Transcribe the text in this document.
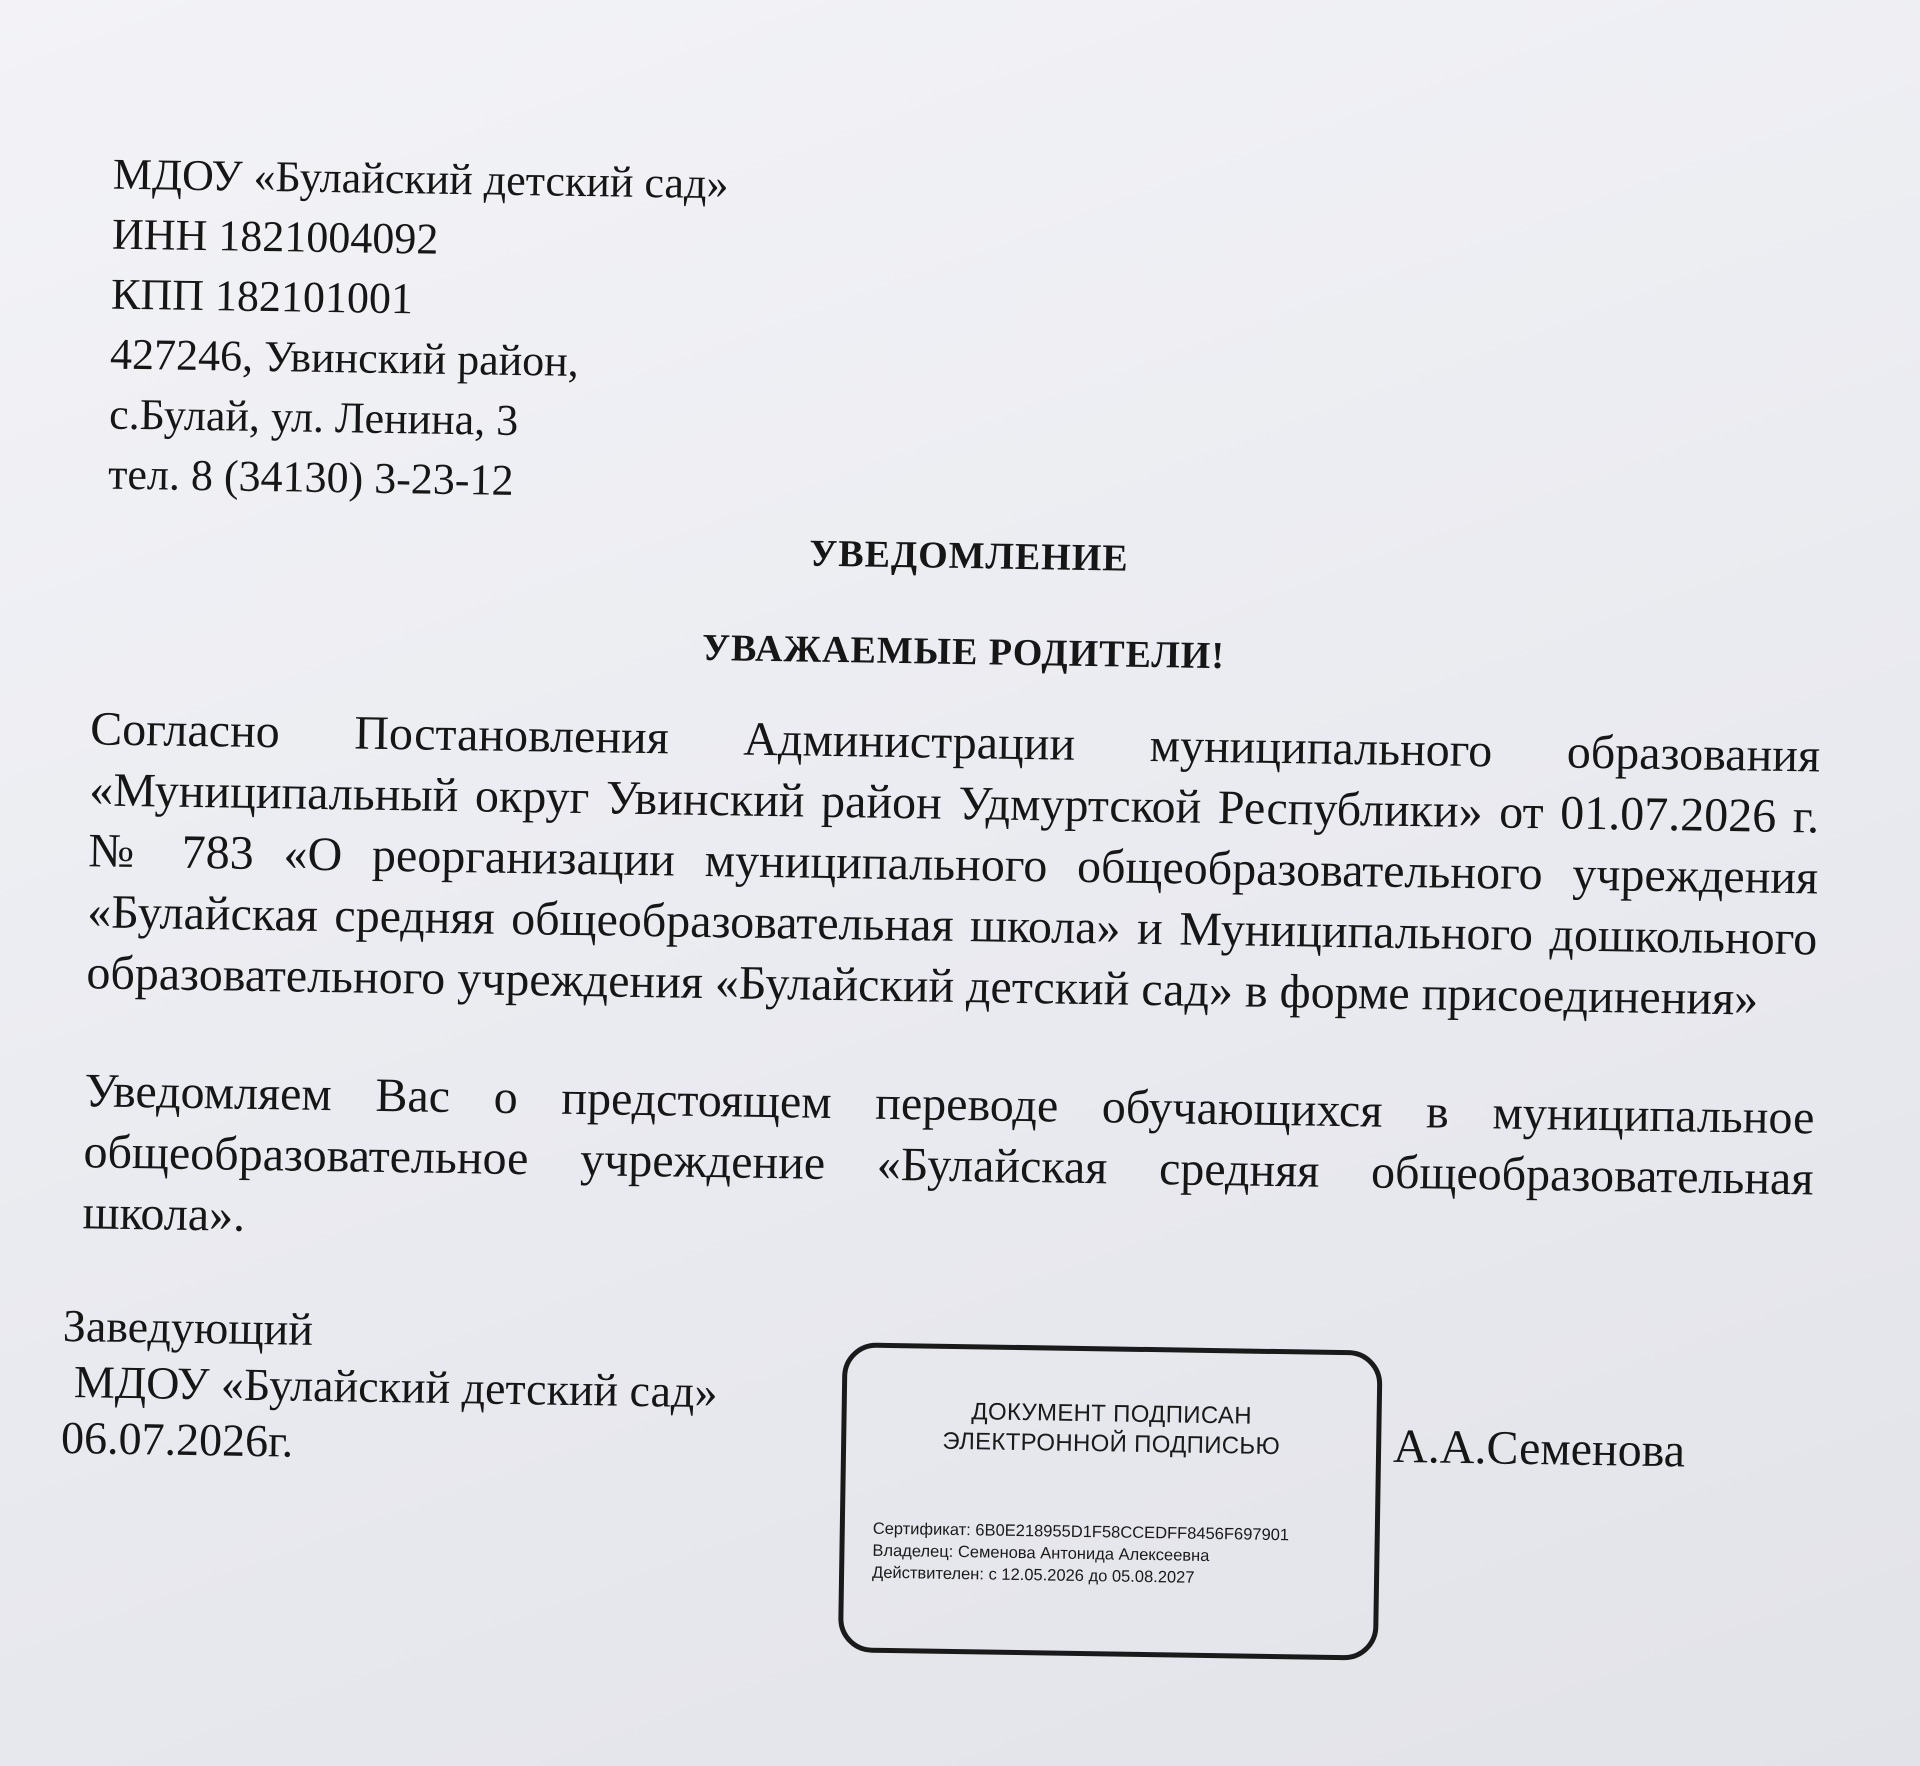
МДОУ «Булайский детский сад»
ИНН 1821004092
КПП 182101001
427246, Увинский район,
с.Булай, ул. Ленина, 3
тел. 8 (34130) 3-23-12
УВЕДОМЛЕНИЕ
УВАЖАЕМЫЕ РОДИТЕЛИ!
Согласно Постановления Администрации муниципального образования «Муниципальный округ Увинский район Удмуртской Республики» от 01.07.2026 г. № 783 «О реорганизации муниципального общеобразовательного учреждения «Булайская средняя общеобразовательная школа» и Муниципального дошкольного образовательного учреждения «Булайский детский сад» в форме присоединения»
Уведомляем Вас о предстоящем переводе обучающихся в муниципальное общеобразовательное учреждение «Булайская средняя общеобразовательная школа».
Заведующий
МДОУ «Булайский детский сад»
06.07.2026г.	ДОКУМЕНТ ПОДПИСАН
ЭЛЕКТРОННОЙ ПОДПИСЬЮ
Сертификат: 6B0E218955D1F58CCEDFF8456F697901
Владелец: Семенова Антонида Алексеевна
Действителен: с 12.05.2026 до 05.08.2027
А.А.Семенова
